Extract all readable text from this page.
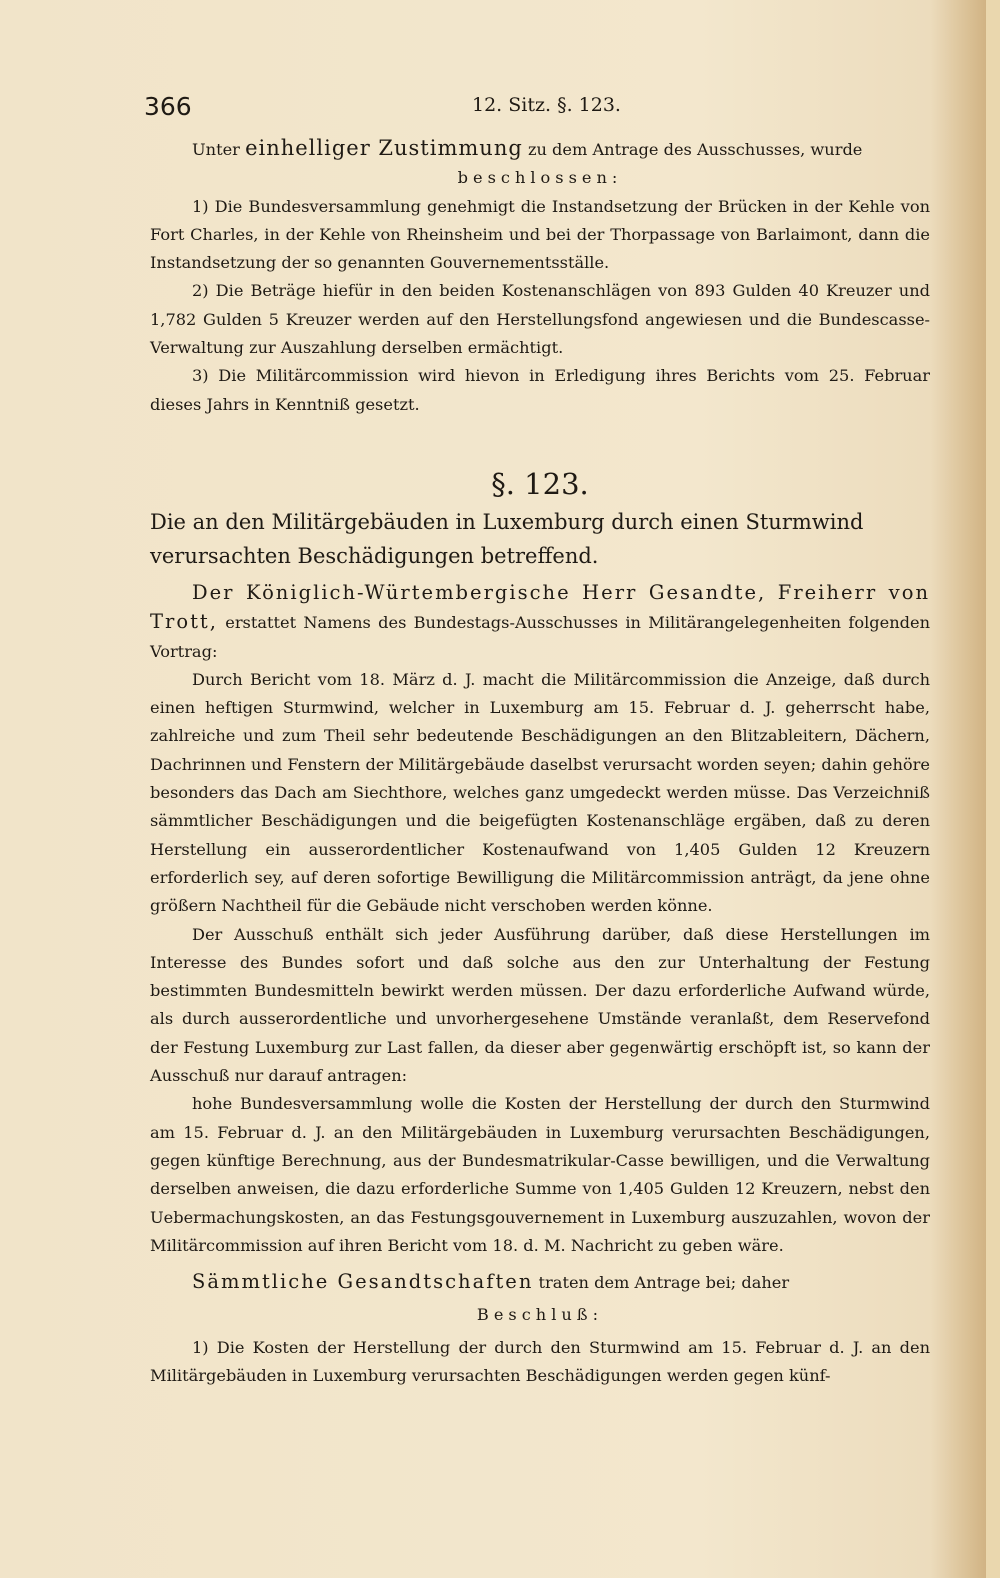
366	12. Sitz. §. 123.

Unter einhelliger Zustimmung zu dem Antrage des Ausschusses, wurde

beschlossen:

1) Die Bundesversammlung genehmigt die Instandsetzung der Brücken in der Kehle von Fort Charles, in der Kehle von Rheinsheim und bei der Thorpassage von Barlaimont, dann die Instandsetzung der so genannten Gouvernementsställe.

2) Die Beträge hiefür in den beiden Kostenanschlägen von 893 Gulden 40 Kreuzer und 1,782 Gulden 5 Kreuzer werden auf den Herstellungsfond angewiesen und die Bundescasse-Verwaltung zur Auszahlung derselben ermächtigt.

3) Die Militärcommission wird hievon in Erledigung ihres Berichts vom 25. Februar dieses Jahrs in Kenntniß gesetzt.

§. 123.

Die an den Militärgebäuden in Luxemburg durch einen Sturmwind verursachten Beschädigungen betreffend.

Der Königlich-Würtembergische Herr Gesandte, Freiherr von Trott, erstattet Namens des Bundestags-Ausschusses in Militärangelegenheiten folgenden Vortrag:

Durch Bericht vom 18. März d. J. macht die Militärcommission die Anzeige, daß durch einen heftigen Sturmwind, welcher in Luxemburg am 15. Februar d. J. geherrscht habe, zahlreiche und zum Theil sehr bedeutende Beschädigungen an den Blitzableitern, Dächern, Dachrinnen und Fenstern der Militärgebäude daselbst verursacht worden seyen; dahin gehöre besonders das Dach am Siechthore, welches ganz umgedeckt werden müsse. Das Verzeichniß sämmtlicher Beschädigungen und die beigefügten Kostenanschläge ergäben, daß zu deren Herstellung ein ausserordentlicher Kostenaufwand von 1,405 Gulden 12 Kreuzern erforderlich sey, auf deren sofortige Bewilligung die Militärcommission anträgt, da jene ohne größern Nachtheil für die Gebäude nicht verschoben werden könne.

Der Ausschuß enthält sich jeder Ausführung darüber, daß diese Herstellungen im Interesse des Bundes sofort und daß solche aus den zur Unterhaltung der Festung bestimmten Bundesmitteln bewirkt werden müssen. Der dazu erforderliche Aufwand würde, als durch ausserordentliche und unvorhergesehene Umstände veranlaßt, dem Reservefond der Festung Luxemburg zur Last fallen, da dieser aber gegenwärtig erschöpft ist, so kann der Ausschuß nur darauf antragen:

hohe Bundesversammlung wolle die Kosten der Herstellung der durch den Sturmwind am 15. Februar d. J. an den Militärgebäuden in Luxemburg verursachten Beschädigungen, gegen künftige Berechnung, aus der Bundesmatrikular-Casse bewilligen, und die Verwaltung derselben anweisen, die dazu erforderliche Summe von 1,405 Gulden 12 Kreuzern, nebst den Uebermachungskosten, an das Festungsgouvernement in Luxemburg auszuzahlen, wovon der Militärcommission auf ihren Bericht vom 18. d. M. Nachricht zu geben wäre.

Sämmtliche Gesandtschaften traten dem Antrage bei; daher

Beschluß:

1) Die Kosten der Herstellung der durch den Sturmwind am 15. Februar d. J. an den Militärgebäuden in Luxemburg verursachten Beschädigungen werden gegen künf-
